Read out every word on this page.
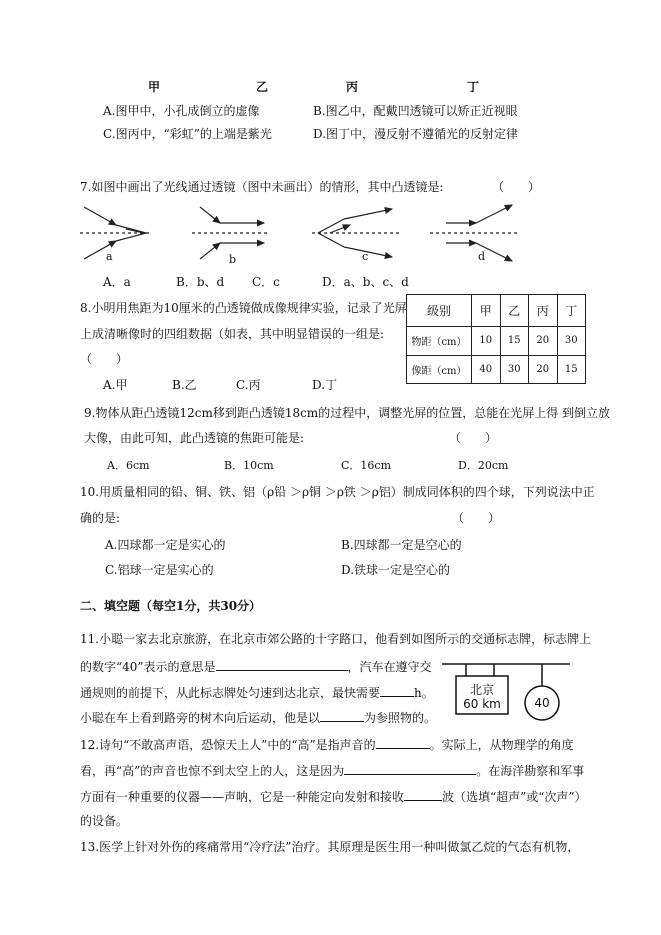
甲	乙	丙	丁
A.图甲中，小孔成倒立的虚像	B.图乙中，配戴凹透镜可以矫正近视眼
C.图丙中，“彩虹”的上端是紫光	D.图丁中，漫反射不遵循光的反射定律
7.如图中画出了光线通过透镜（图中未画出）的情形，其中凸透镜是:	（　　）
a	b	c	d
A．a	B．b、d C．c	D．a、b、c、d
8.小明用焦距为10厘米的凸透镜做成像规律实验，记录了光屏
上成清晰像时的四组数据（如表，其中明显错误的一组是:
（　　）
A.甲	B.乙	C.丙	D.丁
级别	甲	乙	丙	丁
物距（cm）	10	15	20	30
像距（cm）	40	30	20	15
9.物体从距凸透镜12cm移到距凸透镜18cm的过程中，调整光屏的位置，总能在光屏上得 到倒立放
大像，由此可知，此凸透镜的焦距可能是:	（　　）
A．6cm	B．10cm	C．16cm	D．20cm
10.用质量相同的铅、铜、铁、铝（ρ铅 ＞ρ铜 ＞ρ铁 ＞ρ铝）制成同体积的四个球，下列说法中正
确的是:	（　　）
A.四球都一定是实心的	B.四球都一定是空心的
C.铝球一定是实心的	D.铁球一定是空心的
二、填空题（每空1分，共30分）
11.小聪一家去北京旅游，在北京市郊公路的十字路口，他看到如图所示的交通标志牌，标志牌上
的数字“40”表示的意思是	，汽车在遵守交
通规则的前提下，从此标志牌处匀速到达北京，最快需要	h。
小聪在车上看到路旁的树木向后运动，他是以	为参照物的。
北京
60 km	40
12.诗句“不敢高声语，恐惊天上人”中的“高”是指声音的	。实际上，从物理学的角度
看，再“高”的声音也惊不到太空上的人，这是因为	。在海洋勘察和军事
方面有一种重要的仪器——声呐，它是一种能定向发射和接收	波（选填“超声”或“次声”）
的设备。
13.医学上针对外伤的疼痛常用“冷疗法”治疗。其原理是医生用一种叫做氯乙烷的气态有机物，
